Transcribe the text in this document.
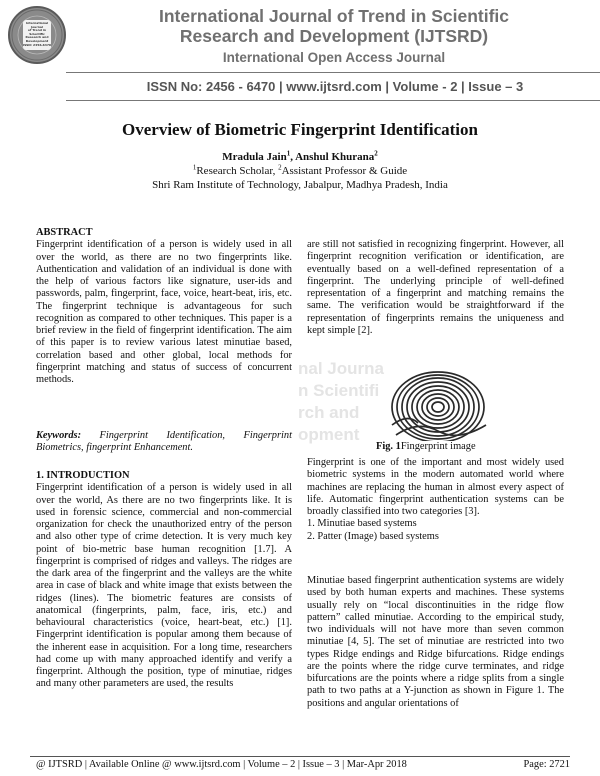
International Journal
of Trend in Scientific
Research and
Development
ISSN: 2456-6470
International Journal of Trend in Scientific
Research and Development (IJTSRD)
International Open Access Journal
ISSN No: 2456 - 6470 | www.ijtsrd.com | Volume - 2 | Issue – 3
Overview of Biometric Fingerprint Identification
Mradula Jain$^1$, Anshul Khurana$^2$
$^1$Research Scholar, $^2$Assistant Professor & Guide
Shri Ram Institute of Technology, Jabalpur, Madhya Pradesh, India
ABSTRACT
Fingerprint identification of a person is widely used in all over the world, as there are no two fingerprints like. Authentication and validation of an individual is done with the help of various factors like signature, user-ids and passwords, palm, fingerprint, face, voice, heart-beat, iris, etc. The fingerprint technique is advantageous for such recognition as compared to other techniques. This paper is a brief review in the field of fingerprint identification. The aim of this paper is to review various latest minutiae based, correlation based and other global, local methods for fingerprint matching and status of success of concurrent methods.
Keywords: Fingerprint Identification, Fingerprint Biometrics, fingerprint Enhancement.
1. INTRODUCTION
Fingerprint identification of a person is widely used in all over the world, As there are no two fingerprints like. It is used in forensic science, commercial and non-commercial organization for check the unauthorized entry of the person and also other type of crime detection. It is very much key point of bio-metric base human recognition [1.7]. A fingerprint is comprised of ridges and valleys. The ridges are the dark area of the fingerprint and the valleys are the white area in case of black and white image that exists between the ridges (lines). The biometric features are consists of anatomical (fingerprints, palm, face, iris, etc.) and behavioural characteristics (voice, heart-beat, etc.) [1]. Fingerprint identification is popular among them because of the inherent ease in acquisition. For a long time, researchers had come up with many approached identify and verify a fingerprint. Although the position, type of minutiae, ridges and many other parameters are used, the results
nal Journa
n Scientifi
rch and
opment
are still not satisfied in recognizing fingerprint. However, all fingerprint recognition verification or identification, are eventually based on a well-defined representation of a fingerprint. The underlying principle of well-defined representation of a fingerprint and matching remains the same. The verification would be straightforward if the representation of fingerprints remains the uniqueness and kept simple [2].
Fig. 1Fingerprint image
Fingerprint is one of the important and most widely used biometric systems in the modern automated world where machines are replacing the human in almost every aspect of life. Automatic fingerprint authentication systems can be broadly classified into two categories [3].
1. Minutiae based systems
2. Patter (Image) based systems
Minutiae based fingerprint authentication systems are widely used by both human experts and machines. These systems usually rely on “local discontinuities in the ridge flow pattern” called minutiae. According to the empirical study, two individuals will not have more than seven common minutiae [4, 5]. The set of minutiae are restricted into two types Ridge endings and Ridge bifurcations. Ridge endings are the points where the ridge curve terminates, and ridge bifurcations are the points where a ridge splits from a single path to two paths at a Y-junction as shown in Figure 1. The positions and angular orientations of
@ IJTSRD | Available Online @ www.ijtsrd.com | Volume – 2 | Issue – 3 | Mar-Apr 2018	Page: 2721
